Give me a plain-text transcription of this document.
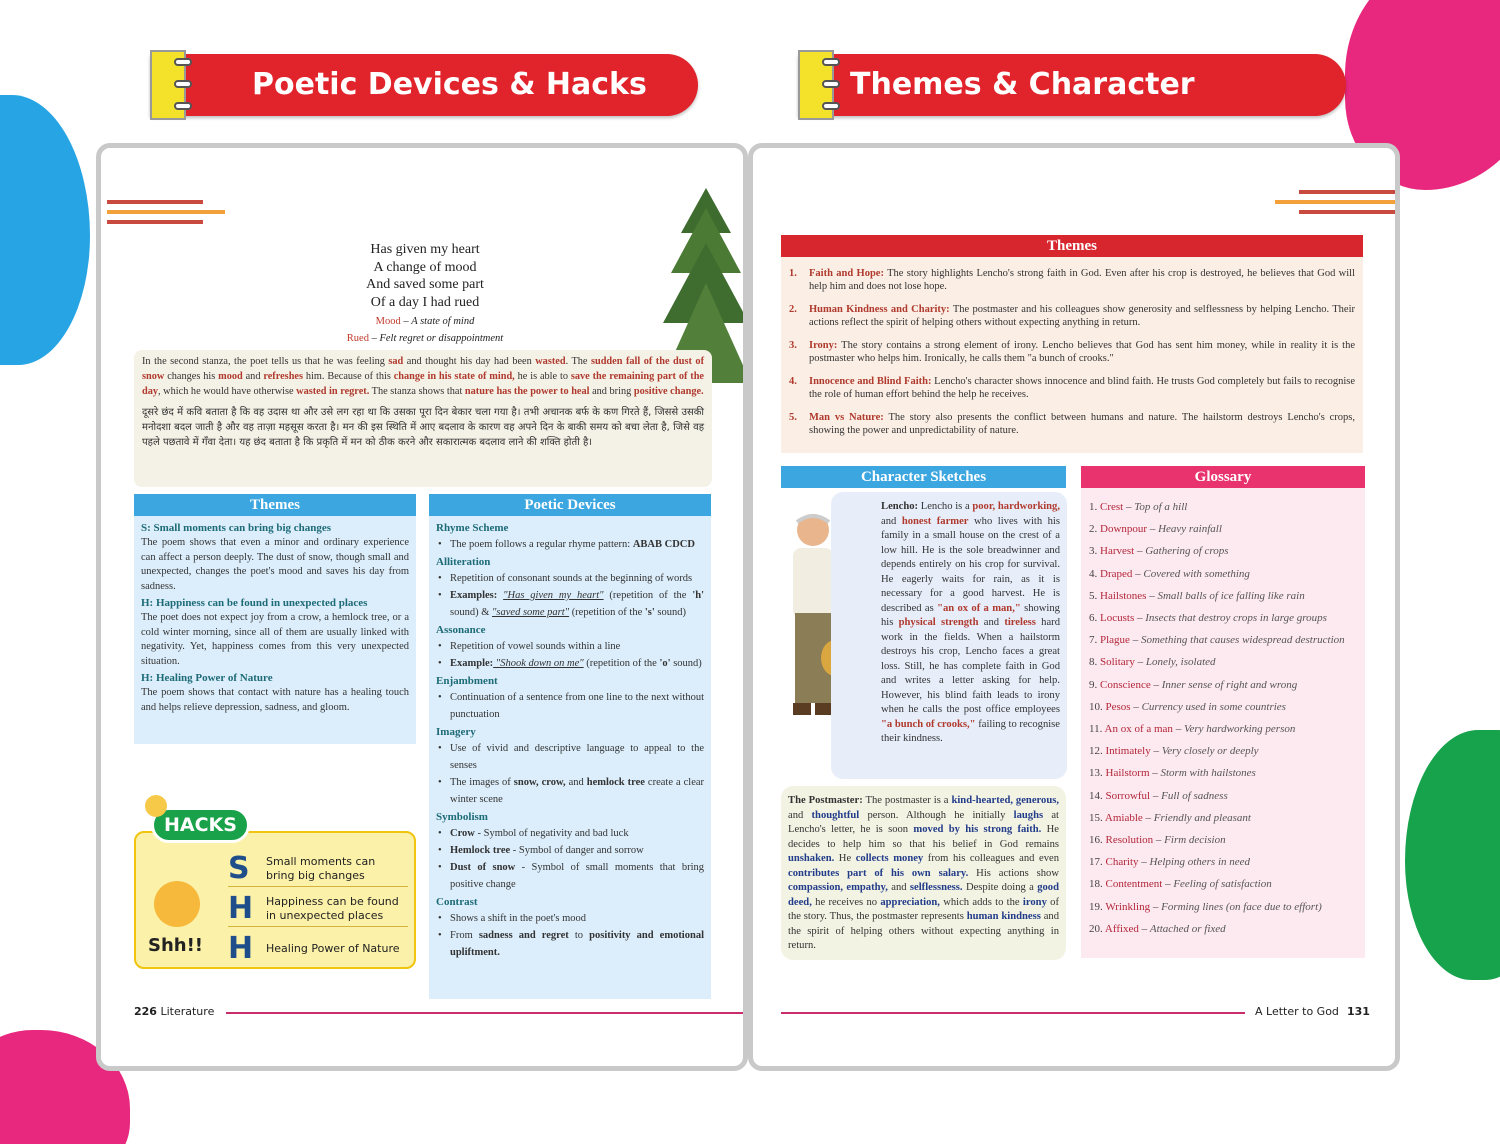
Poetic Devices & Hacks	Themes & Character
Has given my heart
A change of mood
And saved some part
Of a day I had rued
Mood – A state of mind
Rued – Felt regret or disappointment
In the second stanza, the poet tells us that he was feeling sad and thought his day had been wasted. The sudden fall of the dust of snow changes his mood and refreshes him. Because of this change in his state of mind, he is able to save the remaining part of the day, which he would have otherwise wasted in regret. The stanza shows that nature has the power to heal and bring positive change.
दूसरे छंद में कवि बताता है कि वह उदास था और उसे लग रहा था कि उसका पूरा दिन बेकार चला गया है। तभी अचानक बर्फ के कण गिरते हैं, जिससे उसकी मनोदशा बदल जाती है और वह ताज़ा महसूस करता है। मन की इस स्थिति में आए बदलाव के कारण वह अपने दिन के बाकी समय को बचा लेता है, जिसे वह पहले पछतावे में गँवा देता। यह छंद बताता है कि प्रकृति में मन को ठीक करने और सकारात्मक बदलाव लाने की शक्ति होती है।
Themes
S: Small moments can bring big changes
The poem shows that even a minor and ordinary experience can affect a person deeply. The dust of snow, though small and unexpected, changes the poet's mood and saves his day from sadness.
H: Happiness can be found in unexpected places
The poet does not expect joy from a crow, a hemlock tree, or a cold winter morning, since all of them are usually linked with negativity. Yet, happiness comes from this very unexpected situation.
H: Healing Power of Nature
The poem shows that contact with nature has a healing touch and helps relieve depression, sadness, and gloom.
Poetic Devices
Rhyme Scheme
• The poem follows a regular rhyme pattern: ABAB CDCD
Alliteration
• Repetition of consonant sounds at the beginning of words
• Examples: "Has given my heart" (repetition of the 'h' sound) & "saved some part" (repetition of the 's' sound)
Assonance
• Repetition of vowel sounds within a line
• Example: "Shook down on me" (repetition of the 'o' sound)
Enjambment
• Continuation of a sentence from one line to the next without punctuation
Imagery
• Use of vivid and descriptive language to appeal to the senses
• The images of snow, crow, and hemlock tree create a clear winter scene
Symbolism
• Crow - Symbol of negativity and bad luck
• Hemlock tree - Symbol of danger and sorrow
• Dust of snow - Symbol of small moments that bring positive change
Contrast
• Shows a shift in the poet's mood
• From sadness and regret to positivity and emotional upliftment.
HACKS
Shh!!
S Small moments can bring big changes
H Happiness can be found in unexpected places
H Healing Power of Nature
226 Literature
Themes
1. Faith and Hope: The story highlights Lencho's strong faith in God. Even after his crop is destroyed, he believes that God will help him and does not lose hope.
2. Human Kindness and Charity: The postmaster and his colleagues show generosity and selflessness by helping Lencho. Their actions reflect the spirit of helping others without expecting anything in return.
3. Irony: The story contains a strong element of irony. Lencho believes that God has sent him money, while in reality it is the postmaster who helps him. Ironically, he calls them "a bunch of crooks."
4. Innocence and Blind Faith: Lencho's character shows innocence and blind faith. He trusts God completely but fails to recognise the role of human effort behind the help he receives.
5. Man vs Nature: The story also presents the conflict between humans and nature. The hailstorm destroys Lencho's crops, showing the power and unpredictability of nature.
Character Sketches
Lencho: Lencho is a poor, hardworking, and honest farmer who lives with his family in a small house on the crest of a low hill. He is the sole breadwinner and depends entirely on his crop for survival. He eagerly waits for rain, as it is necessary for a good harvest. He is described as "an ox of a man," showing his physical strength and tireless hard work in the fields. When a hailstorm destroys his crop, Lencho faces a great loss. Still, he has complete faith in God and writes a letter asking for help. However, his blind faith leads to irony when he calls the post office employees "a bunch of crooks," failing to recognise their kindness.
The Postmaster: The postmaster is a kind-hearted, generous, and thoughtful person. Although he initially laughs at Lencho's letter, he is soon moved by his strong faith. He decides to help him so that his belief in God remains unshaken. He collects money from his colleagues and even contributes part of his own salary. His actions show compassion, empathy, and selflessness. Despite doing a good deed, he receives no appreciation, which adds to the irony of the story. Thus, the postmaster represents human kindness and the spirit of helping others without expecting anything in return.
Glossary
1. Crest – Top of a hill
2. Downpour – Heavy rainfall
3. Harvest – Gathering of crops
4. Draped – Covered with something
5. Hailstones – Small balls of ice falling like rain
6. Locusts – Insects that destroy crops in large groups
7. Plague – Something that causes widespread destruction
8. Solitary – Lonely, isolated
9. Conscience – Inner sense of right and wrong
10. Pesos – Currency used in some countries
11. An ox of a man – Very hardworking person
12. Intimately – Very closely or deeply
13. Hailstorm – Storm with hailstones
14. Sorrowful – Full of sadness
15. Amiable – Friendly and pleasant
16. Resolution – Firm decision
17. Charity – Helping others in need
18. Contentment – Feeling of satisfaction
19. Wrinkling – Forming lines (on face due to effort)
20. Affixed – Attached or fixed
A Letter to God 131
